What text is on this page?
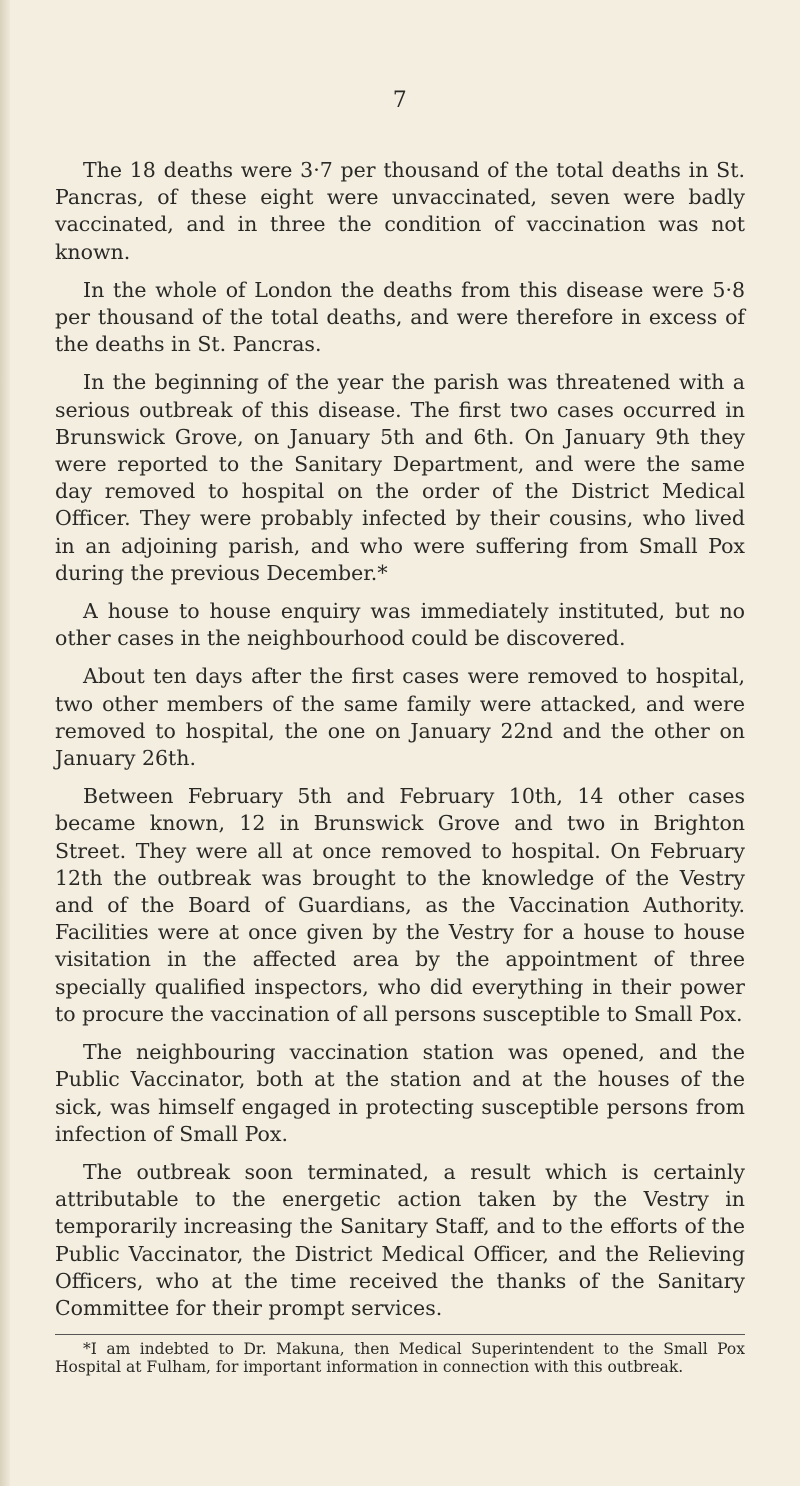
7

The 18 deaths were 3·7 per thousand of the total deaths in St. Pancras, of these eight were unvaccinated, seven were badly vaccinated, and in three the condition of vaccination was not known.

In the whole of London the deaths from this disease were 5·8 per thousand of the total deaths, and were therefore in excess of the deaths in St. Pancras.

In the beginning of the year the parish was threatened with a serious outbreak of this disease. The first two cases occurred in Brunswick Grove, on January 5th and 6th. On January 9th they were reported to the Sanitary Department, and were the same day removed to hospital on the order of the District Medical Officer. They were probably infected by their cousins, who lived in an adjoining parish, and who were suffering from Small Pox during the previous December.*

A house to house enquiry was immediately instituted, but no other cases in the neighbourhood could be discovered.

About ten days after the first cases were removed to hospital, two other members of the same family were attacked, and were removed to hospital, the one on January 22nd and the other on January 26th.

Between February 5th and February 10th, 14 other cases became known, 12 in Brunswick Grove and two in Brighton Street. They were all at once removed to hospital. On February 12th the outbreak was brought to the knowledge of the Vestry and of the Board of Guardians, as the Vaccination Authority. Facilities were at once given by the Vestry for a house to house visitation in the affected area by the appointment of three specially qualified inspectors, who did everything in their power to procure the vaccination of all persons susceptible to Small Pox.

The neighbouring vaccination station was opened, and the Public Vaccinator, both at the station and at the houses of the sick, was himself engaged in protecting susceptible persons from infection of Small Pox.

The outbreak soon terminated, a result which is certainly attributable to the energetic action taken by the Vestry in temporarily increasing the Sanitary Staff, and to the efforts of the Public Vaccinator, the District Medical Officer, and the Relieving Officers, who at the time received the thanks of the Sanitary Committee for their prompt services.

*I am indebted to Dr. Makuna, then Medical Superintendent to the Small Pox Hospital at Fulham, for important information in connection with this outbreak.
